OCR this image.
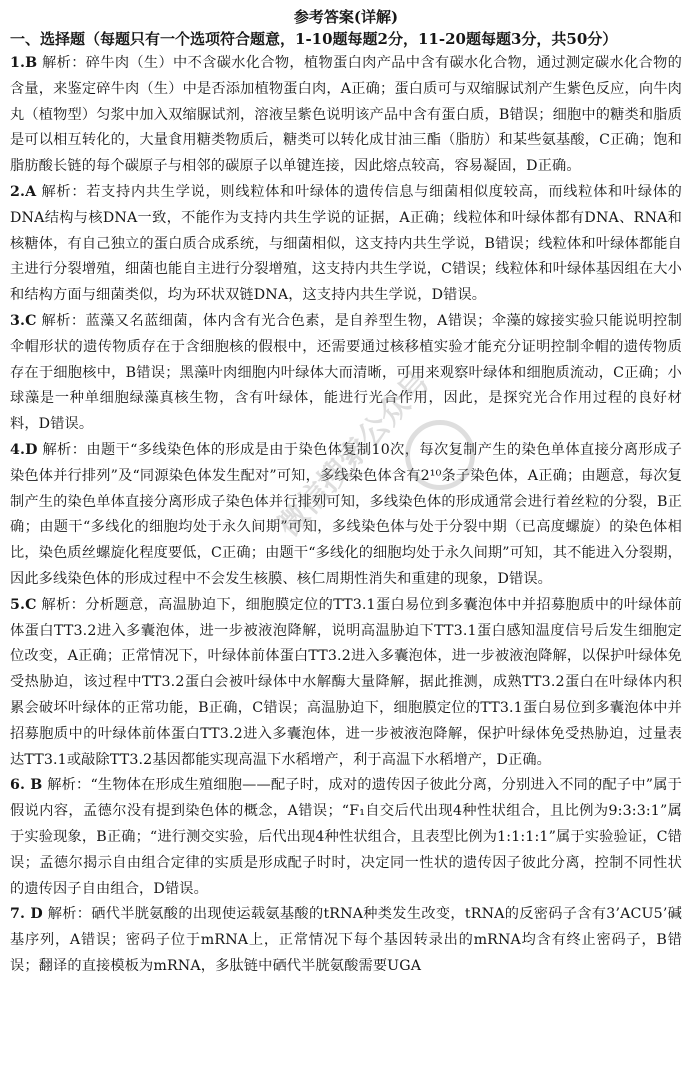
参考答案(详解)
一、选择题（每题只有一个选项符合题意，1-10题每题2分，11-20题每题3分，共50分）

1.B 解析：碎牛肉（生）中不含碳水化合物，植物蛋白肉产品中含有碳水化合物，通过测定碳水化合物的含量，来鉴定碎牛肉（生）中是否添加植物蛋白肉，A正确；蛋白质可与双缩脲试剂产生紫色反应，向牛肉丸（植物型）匀浆中加入双缩脲试剂，溶液呈紫色说明该产品中含有蛋白质，B错误；细胞中的糖类和脂质是可以相互转化的，大量食用糖类物质后，糖类可以转化成甘油三酯（脂肪）和某些氨基酸，C正确；饱和脂肪酸长链的每个碳原子与相邻的碳原子以单键连接，因此熔点较高，容易凝固，D正确。

2.A 解析：若支持内共生学说，则线粒体和叶绿体的遗传信息与细菌相似度较高，而线粒体和叶绿体的DNA结构与核DNA一致，不能作为支持内共生学说的证据，A正确；线粒体和叶绿体都有DNA、RNA和核糖体，有自己独立的蛋白质合成系统，与细菌相似，这支持内共生学说，B错误；线粒体和叶绿体都能自主进行分裂增殖，细菌也能自主进行分裂增殖，这支持内共生学说，C错误；线粒体和叶绿体基因组在大小和结构方面与细菌类似，均为环状双链DNA，这支持内共生学说，D错误。

3.C 解析：蓝藻又名蓝细菌，体内含有光合色素，是自养型生物，A错误；伞藻的嫁接实验只能说明控制伞帽形状的遗传物质存在于含细胞核的假根中，还需要通过核移植实验才能充分证明控制伞帽的遗传物质存在于细胞核中，B错误；黑藻叶肉细胞内叶绿体大而清晰，可用来观察叶绿体和细胞质流动，C正确；小球藻是一种单细胞绿藻真核生物，含有叶绿体，能进行光合作用，因此，是探究光合作用过程的良好材料，D错误。

4.D 解析：由题干“多线染色体的形成是由于染色体复制10次，每次复制产生的染色单体直接分离形成子染色体并行排列”及“同源染色体发生配对”可知，多线染色体含有2¹⁰条子染色体，A正确；由题意，每次复制产生的染色单体直接分离形成子染色体并行排列可知，多线染色体的形成通常会进行着丝粒的分裂，B正确；由题干“多线化的细胞均处于永久间期”可知，多线染色体与处于分裂中期（已高度螺旋）的染色体相比，染色质丝螺旋化程度要低，C正确；由题干“多线化的细胞均处于永久间期”可知，其不能进入分裂期，因此多线染色体的形成过程中不会发生核膜、核仁周期性消失和重建的现象，D错误。

5.C 解析：分析题意，高温胁迫下，细胞膜定位的TT3.1蛋白易位到多囊泡体中并招募胞质中的叶绿体前体蛋白TT3.2进入多囊泡体，进一步被液泡降解，说明高温胁迫下TT3.1蛋白感知温度信号后发生细胞定位改变，A正确；正常情况下，叶绿体前体蛋白TT3.2进入多囊泡体，进一步被液泡降解，以保护叶绿体免受热胁迫，该过程中TT3.2蛋白会被叶绿体中水解酶大量降解，据此推测，成熟TT3.2蛋白在叶绿体内积累会破坏叶绿体的正常功能，B正确，C错误；高温胁迫下，细胞膜定位的TT3.1蛋白易位到多囊泡体中并招募胞质中的叶绿体前体蛋白TT3.2进入多囊泡体，进一步被液泡降解，保护叶绿体免受热胁迫，过量表达TT3.1或敲除TT3.2基因都能实现高温下水稻增产，利于高温下水稻增产，D正确。

6. B 解析：“生物体在形成生殖细胞——配子时，成对的遗传因子彼此分离，分别进入不同的配子中”属于假说内容，孟德尔没有提到染色体的概念，A错误；“F₁自交后代出现4种性状组合，且比例为9:3:3:1”属于实验现象，B正确；“进行测交实验，后代出现4种性状组合，且表型比例为1:1:1:1”属于实验验证，C错误；孟德尔揭示自由组合定律的实质是形成配子时时，决定同一性状的遗传因子彼此分离，控制不同性状的遗传因子自由组合，D错误。

7. D 解析：硒代半胱氨酸的出现使运载氨基酸的tRNA种类发生改变，tRNA的反密码子含有3’ACU5’碱基序列，A错误；密码子位于mRNA上，正常情况下每个基因转录出的mRNA均含有终止密码子，B错误；翻译的直接模板为mRNA，多肽链中硒代半胱氨酸需要UGA

微信搜索公众号
